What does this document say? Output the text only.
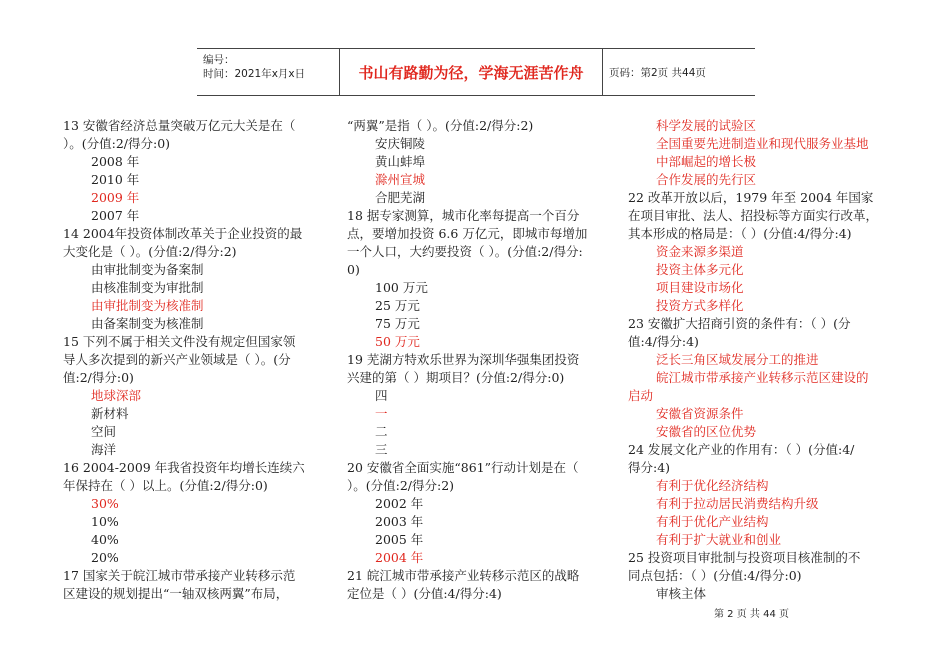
编号：
时间：2021年x月x日	书山有路勤为径，学海无涯苦作舟	页码：第2页 共44页
13 安徽省经济总量突破万亿元大关是在（
）。(分值:2/得分:0)
2008 年
2010 年
2009 年
2007 年
14 2004年投资体制改革关于企业投资的最
大变化是（ ）。(分值:2/得分:2)
由审批制变为备案制
由核准制变为审批制
由审批制变为核准制
由备案制变为核准制
15 下列不属于相关文件没有规定但国家领
导人多次提到的新兴产业领域是（ ）。(分
值:2/得分:0)
地球深部
新材料
空间
海洋
16 2004-2009 年我省投资年均增长连续六
年保持在（ ）以上。(分值:2/得分:0)
30%
10%
40%
20%
17 国家关于皖江城市带承接产业转移示范
区建设的规划提出“一轴双核两翼”布局，
“两翼”是指（ ）。(分值:2/得分:2)
安庆铜陵
黄山蚌埠
滁州宣城
合肥芜湖
18 据专家测算，城市化率每提高一个百分
点，要增加投资 6.6 万亿元，即城市每增加
一个人口，大约要投资（ ）。(分值:2/得分:
0)
100 万元
25 万元
75 万元
50 万元
19 芜湖方特欢乐世界为深圳华强集团投资
兴建的第（ ）期项目？(分值:2/得分:0)
四
一
二
三
20 安徽省全面实施“861”行动计划是在（
）。(分值:2/得分:2)
2002 年
2003 年
2005 年
2004 年
21 皖江城市带承接产业转移示范区的战略
定位是（ ）(分值:4/得分:4)
科学发展的试验区
全国重要先进制造业和现代服务业基地
中部崛起的增长极
合作发展的先行区
22 改革开放以后，1979 年至 2004 年国家
在项目审批、法人、招投标等方面实行改革，
其本形成的格局是：（ ）(分值:4/得分:4)
资金来源多渠道
投资主体多元化
项目建设市场化
投资方式多样化
23 安徽扩大招商引资的条件有：（ ）(分
值:4/得分:4)
泛长三角区域发展分工的推进
皖江城市带承接产业转移示范区建设的
启动
安徽省资源条件
安徽省的区位优势
24 发展文化产业的作用有：（ ）(分值:4/
得分:4)
有利于优化经济结构
有利于拉动居民消费结构升级
有利于优化产业结构
有利于扩大就业和创业
25 投资项目审批制与投资项目核准制的不
同点包括：（ ）(分值:4/得分:0)
审核主体
第 2 页 共 44 页
